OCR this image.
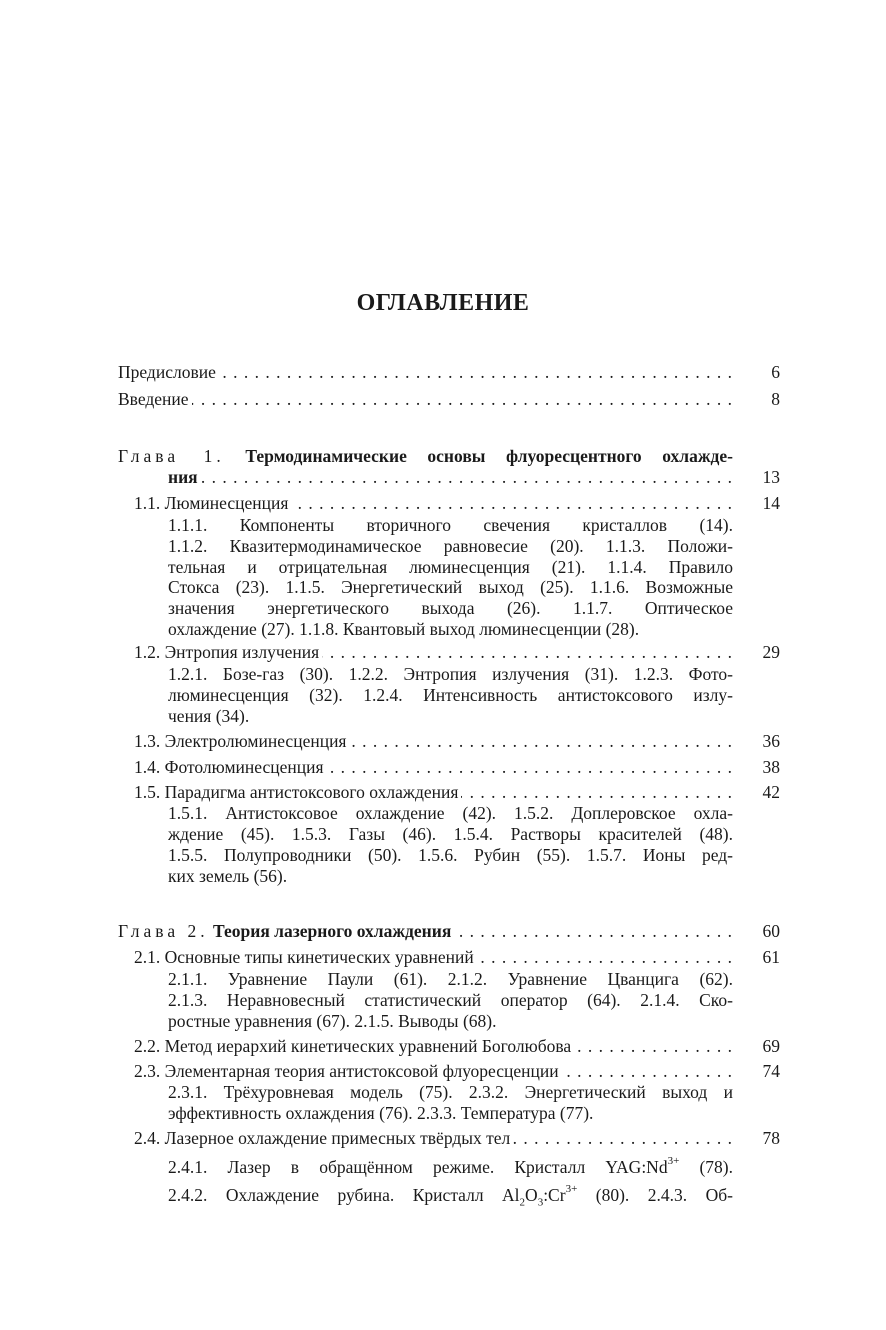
ОГЛАВЛЕНИЕ
Предисловие . . .	6
Введение . . .	8
Глава 1. Термодинамические основы флуоресцентного охлажде-
ния . . .	13
1.1. Люминесценция . . .	14
1.1.1. Компоненты вторичного свечения кристаллов (14).
1.1.2. Квазитермодинамическое равновесие (20). 1.1.3. Положи-
тельная и отрицательная люминесценция (21). 1.1.4. Правило
Стокса (23). 1.1.5. Энергетический выход (25). 1.1.6. Возможные
значения энергетического выхода (26). 1.1.7. Оптическое
охлаждение (27). 1.1.8. Квантовый выход люминесценции (28).
1.2. Энтропия излучения . . .	29
1.2.1. Бозе-газ (30). 1.2.2. Энтропия излучения (31). 1.2.3. Фото-
люминесценция (32). 1.2.4. Интенсивность антистоксового излу-
чения (34).
1.3. Электролюминесценция . . .	36
1.4. Фотолюминесценция . . .	38
1.5. Парадигма антистоксового охлаждения . . .	42
1.5.1. Антистоксовое охлаждение (42). 1.5.2. Доплеровское охла-
ждение (45). 1.5.3. Газы (46). 1.5.4. Растворы красителей (48).
1.5.5. Полупроводники (50). 1.5.6. Рубин (55). 1.5.7. Ионы ред-
ких земель (56).
Глава 2. Теория лазерного охлаждения . . .	60
2.1. Основные типы кинетических уравнений . . .	61
2.1.1. Уравнение Паули (61). 2.1.2. Уравнение Цванцига (62).
2.1.3. Неравновесный статистический оператор (64). 2.1.4. Ско-
ростные уравнения (67). 2.1.5. Выводы (68).
2.2. Метод иерархий кинетических уравнений Боголюбова . . .	69
2.3. Элементарная теория антистоксовой флуоресценции . . .	74
2.3.1. Трёхуровневая модель (75). 2.3.2. Энергетический выход и
эффективность охлаждения (76). 2.3.3. Температура (77).
2.4. Лазерное охлаждение примесных твёрдых тел . . .	78
2.4.1. Лазер в обращённом режиме. Кристалл $YAG:Nd^{3+}$ (78).
2.4.2. Охлаждение рубина. Кристалл $Al_2O_3:Cr^{3+}$ (80). 2.4.3. Об-
